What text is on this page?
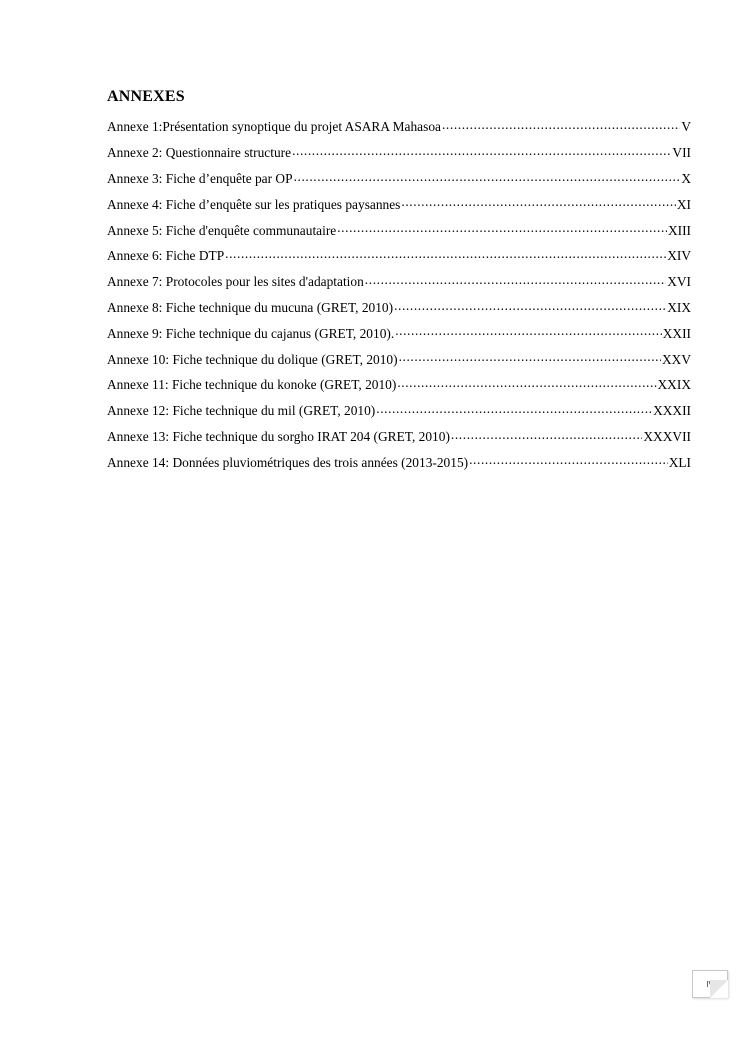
ANNEXES
Annexe 1:Présentation synoptique du projet ASARA Mahasoa .....	V
Annexe 2: Questionnaire structure .....	VII
Annexe 3: Fiche d’enquête par OP .....	X
Annexe 4: Fiche d’enquête sur les pratiques paysannes .....	XI
Annexe 5: Fiche d'enquête communautaire .....	XIII
Annexe 6: Fiche DTP .....	XIV
Annexe 7: Protocoles pour les sites d'adaptation .....	XVI
Annexe 8: Fiche technique du mucuna (GRET, 2010) .....	XIX
Annexe 9: Fiche technique du cajanus (GRET, 2010). .....	XXII
Annexe 10: Fiche technique du dolique (GRET, 2010) .....	XXV
Annexe 11: Fiche technique du konoke (GRET, 2010) .....	XXIX
Annexe 12: Fiche technique du mil (GRET, 2010) .....	XXXII
Annexe 13: Fiche technique du sorgho IRAT 204 (GRET, 2010) .....	XXXVII
Annexe 14: Données pluviométriques des trois années (2013-2015) .....	XLI
IV
